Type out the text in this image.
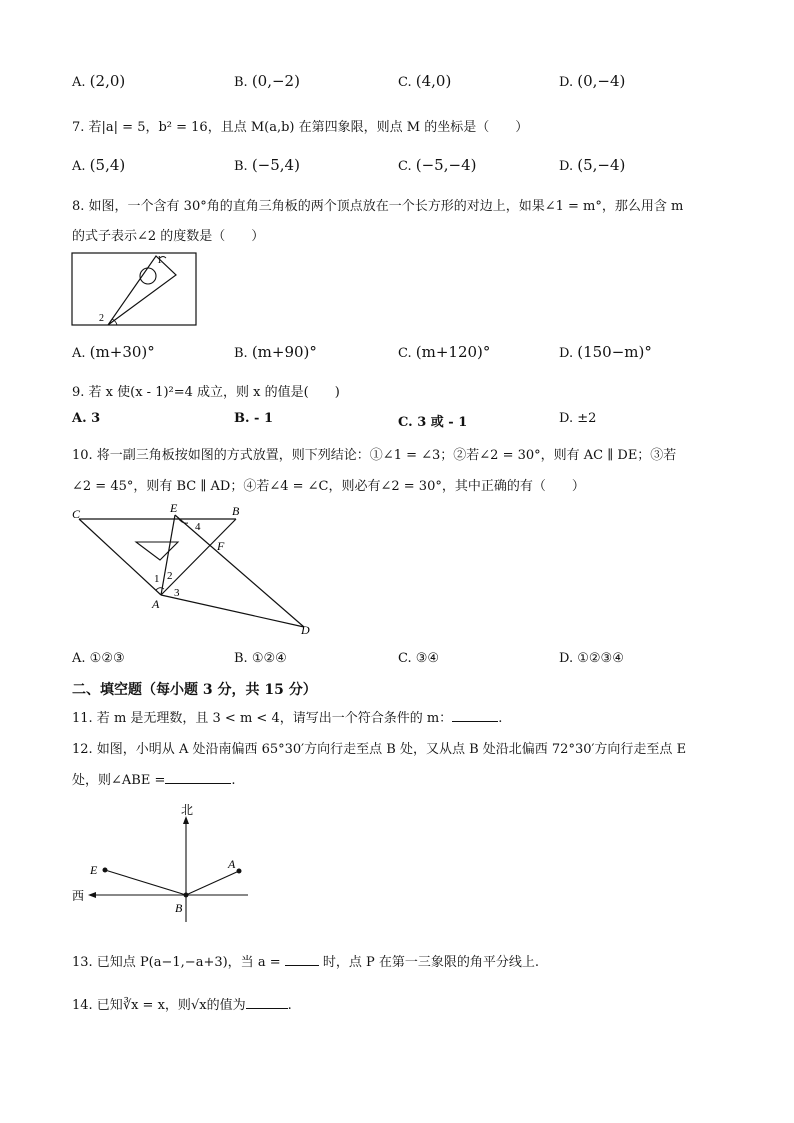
A. (2,0)	B. (0,−2)	C. (4,0)	D. (0,−4)
7. 若|a| = 5，b² = 16，且点 M(a,b) 在第四象限，则点 M 的坐标是（　　）
A. (5,4)	B. (−5,4)	C. (−5,−4)	D. (5,−4)
8. 如图，一个含有 30°角的直角三角板的两个顶点放在一个长方形的对边上，如果∠1 = m°，那么用含 m
的式子表示∠2 的度数是（　　）
1
2
A. (m+30)°	B. (m+90)°	C. (m+120)°	D. (150−m)°
9. 若 x 使(x - 1)²=4 成立，则 x 的值是(　　)
A. 3	B. - 1	C. 3 或 - 1	D. ±2
10. 将一副三角板按如图的方式放置，则下列结论：①∠1 = ∠3；②若∠2 = 30°，则有 AC ∥ DE；③若
∠2 = 45°，则有 BC ∥ AD；④若∠4 = ∠C，则必有∠2 = 30°，其中正确的有（　　）
C	E	B
F
A
D
1 2
3
4
A. ①②③	B. ①②④	C. ③④	D. ①②③④
二、填空题（每小题 3 分，共 15 分）
11. 若 m 是无理数，且 3 < m < 4，请写出一个符合条件的 m：	.
12. 如图，小明从 A 处沿南偏西 65°30′方向行走至点 B 处，又从点 B 处沿北偏西 72°30′方向行走至点 E
处，则∠ABE =	.
北
西
E	A
B
13. 已知点 P(a−1,−a+3)，当 a =	时，点 P 在第一三象限的角平分线上.
14. 已知∛x = x，则√x的值为	.
